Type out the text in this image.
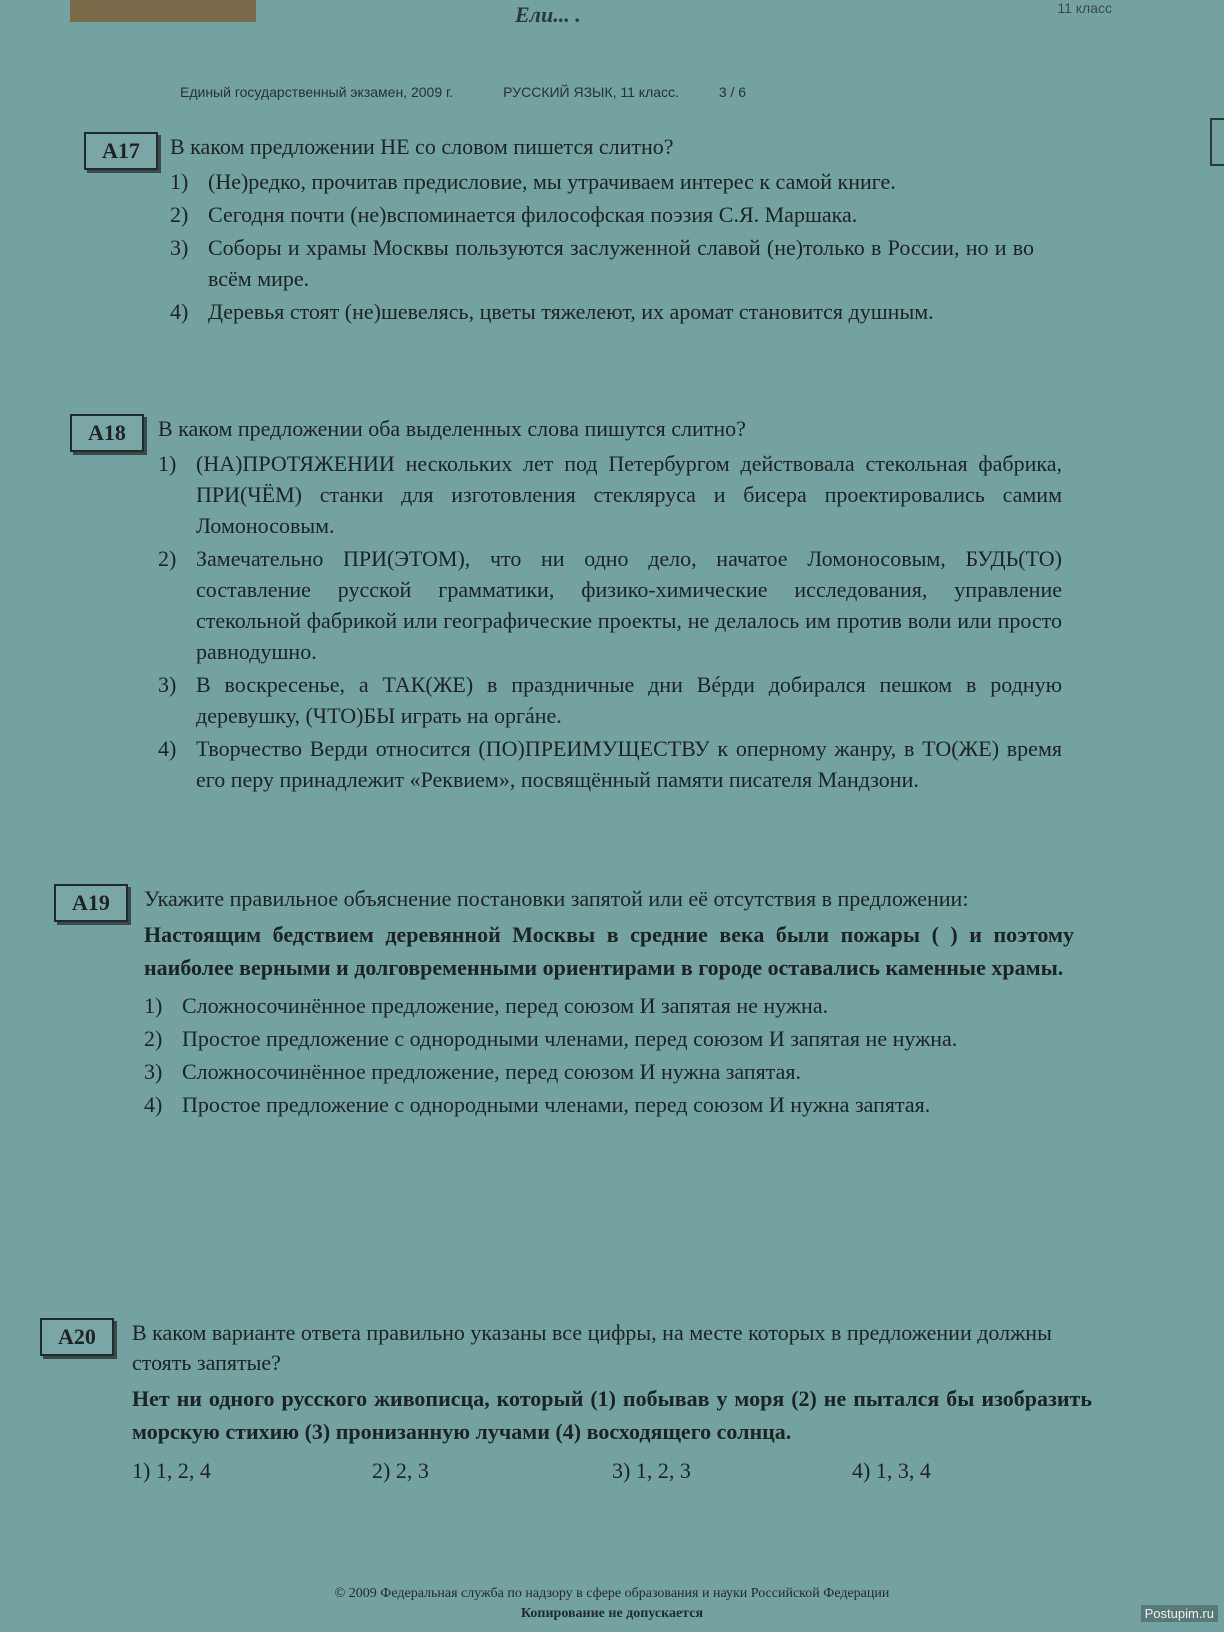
Ели... .	11 класс
Единый государственный экзамен, 2009 г.	РУССКИЙ ЯЗЫК, 11 класс.	3 / 6
A17	В каком предложении НЕ со словом пишется слитно?

1) (Не)редко, прочитав предисловие, мы утрачиваем интерес к самой книге.
2) Сегодня почти (не)вспоминается философская поэзия С.Я. Маршака.
3) Соборы и храмы Москвы пользуются заслуженной славой (не)только в России, но и во всём мире.
4) Деревья стоят (не)шевелясь, цветы тяжелеют, их аромат становится душным.
A18	В каком предложении оба выделенных слова пишутся слитно?

1) (НА)ПРОТЯЖЕНИИ нескольких лет под Петербургом действовала стекольная фабрика, ПРИ(ЧЁМ) станки для изготовления стекляруса и бисера проектировались самим Ломоносовым.
2) Замечательно ПРИ(ЭТОМ), что ни одно дело, начатое Ломоносовым, БУДЬ(ТО) составление русской грамматики, физико-химические исследования, управление стекольной фабрикой или географические проекты, не делалось им против воли или просто равнодушно.
3) В воскресенье, а ТАК(ЖЕ) в праздничные дни Вéрди добирался пешком в родную деревушку, (ЧТО)БЫ играть на оргáне.
4) Творчество Верди относится (ПО)ПРЕИМУЩЕСТВУ к оперному жанру, в ТО(ЖЕ) время его перу принадлежит «Реквием», посвящённый памяти писателя Мандзони.
A19	Укажите правильное объяснение постановки запятой или её отсутствия в предложении:

Настоящим бедствием деревянной Москвы в средние века были пожары ( ) и поэтому наиболее верными и долговременными ориентирами в городе оставались каменные храмы.

1) Сложносочинённое предложение, перед союзом И запятая не нужна.
2) Простое предложение с однородными членами, перед союзом И запятая не нужна.
3) Сложносочинённое предложение, перед союзом И нужна запятая.
4) Простое предложение с однородными членами, перед союзом И нужна запятая.
A20	В каком варианте ответа правильно указаны все цифры, на месте которых в предложении должны стоять запятые?

Нет ни одного русского живописца, который (1) побывав у моря (2) не пытался бы изобразить морскую стихию (3) пронизанную лучами (4) восходящего солнца.

1) 1, 2, 4	2) 2, 3	3) 1, 2, 3	4) 1, 3, 4
© 2009 Федеральная служба по надзору в сфере образования и науки Российской Федерации
Копирование не допускается	Postupim.ru
